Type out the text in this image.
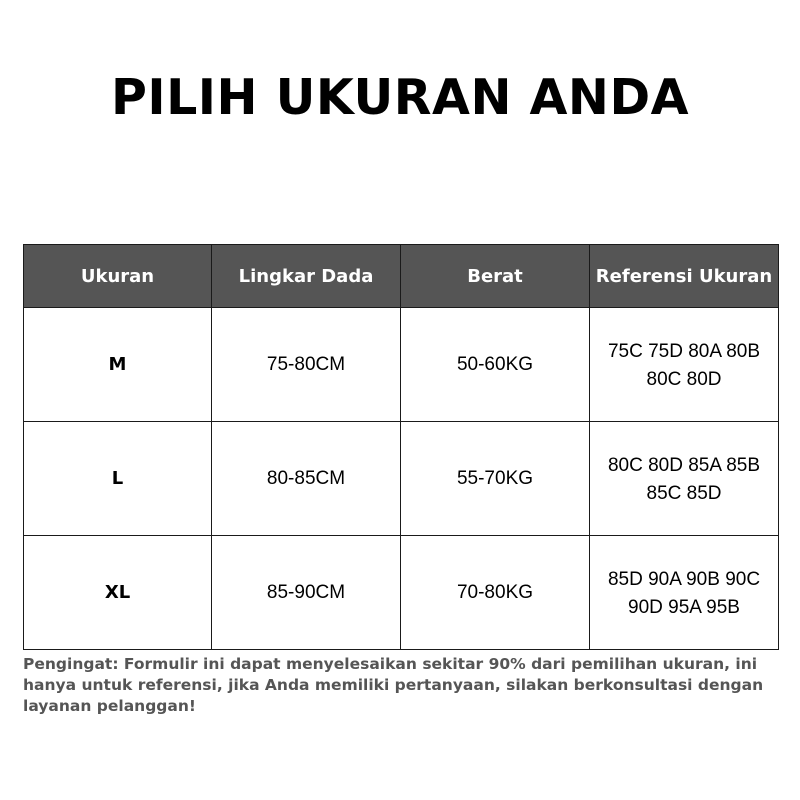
PILIH UKURAN ANDA
Ukuran	Lingkar Dada	Berat	Referensi Ukuran
M	75-80CM	50-60KG	75C 75D 80A 80B
80C 80D

L	80-85CM	55-70KG	80C 80D 85A 85B
85C 85D

XL	85-90CM	70-80KG	85D 90A 90B 90C
90D 95A 95B
Pengingat: Formulir ini dapat menyelesaikan sekitar 90% dari pemilihan ukuran, ini hanya untuk referensi, jika Anda memiliki pertanyaan, silakan berkonsultasi dengan layanan pelanggan!
